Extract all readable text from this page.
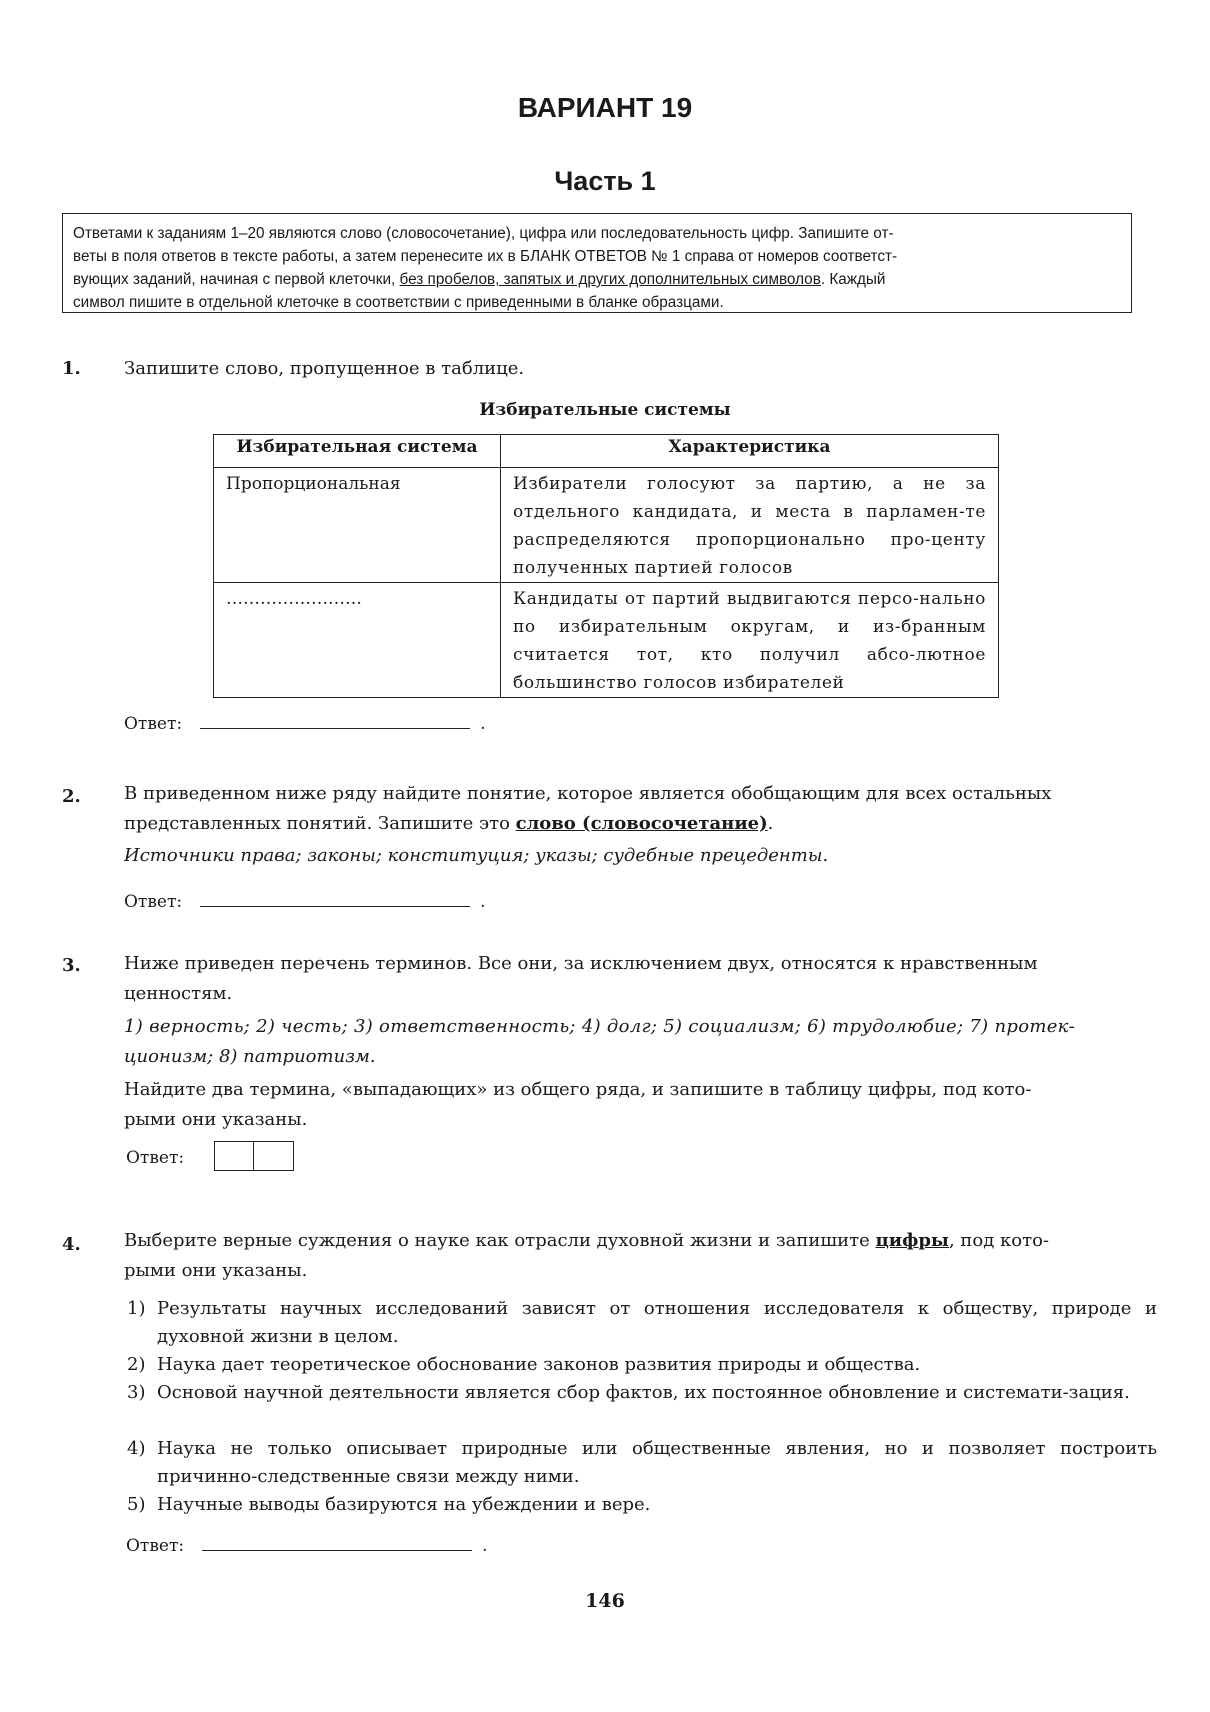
ВАРИАНТ 19
Часть 1
Ответами к заданиям 1–20 являются слово (словосочетание), цифра или последовательность цифр. Запишите от-
веты в поля ответов в тексте работы, а затем перенесите их в БЛАНК ОТВЕТОВ № 1 справа от номеров соответст-
вующих заданий, начиная с первой клеточки, без пробелов, запятых и других дополнительных символов. Каждый
символ пишите в отдельной клеточке в соответствии с приведенными в бланке образцами.
1. Запишите слово, пропущенное в таблице.
Избирательные системы
Избирательная система	Характеристика
Пропорциональная	Избиратели голосуют за партию, а не за отдельного кандидата, и места в парламен-те распределяются пропорционально про-центу полученных партией голосов
……………………	Кандидаты от партий выдвигаются персо-нально по избирательным округам, и из-бранным считается тот, кто получил абсо-лютное большинство голосов избирателей
Ответ:	.
2. В приведенном ниже ряду найдите понятие, которое является обобщающим для всех остальных
представленных понятий. Запишите это слово (словосочетание).
Источники права; законы; конституция; указы; судебные прецеденты.
Ответ:	.
3. Ниже приведен перечень терминов. Все они, за исключением двух, относятся к нравственным
ценностям.
1) верность; 2) честь; 3) ответственность; 4) долг; 5) социализм; 6) трудолюбие; 7) протек-
ционизм; 8) патриотизм.
Найдите два термина, «выпадающих» из общего ряда, и запишите в таблицу цифры, под кото-
рыми они указаны.
Ответ:
4. Выберите верные суждения о науке как отрасли духовной жизни и запишите цифры, под кото-
рыми они указаны.
1) Результаты научных исследований зависят от отношения исследователя к обществу, природе и духовной жизни в целом.
2) Наука дает теоретическое обоснование законов развития природы и общества.
3) Основой научной деятельности является сбор фактов, их постоянное обновление и системати-зация.
4) Наука не только описывает природные или общественные явления, но и позволяет построить причинно-следственные связи между ними.
5) Научные выводы базируются на убеждении и вере.
Ответ:	.
146
